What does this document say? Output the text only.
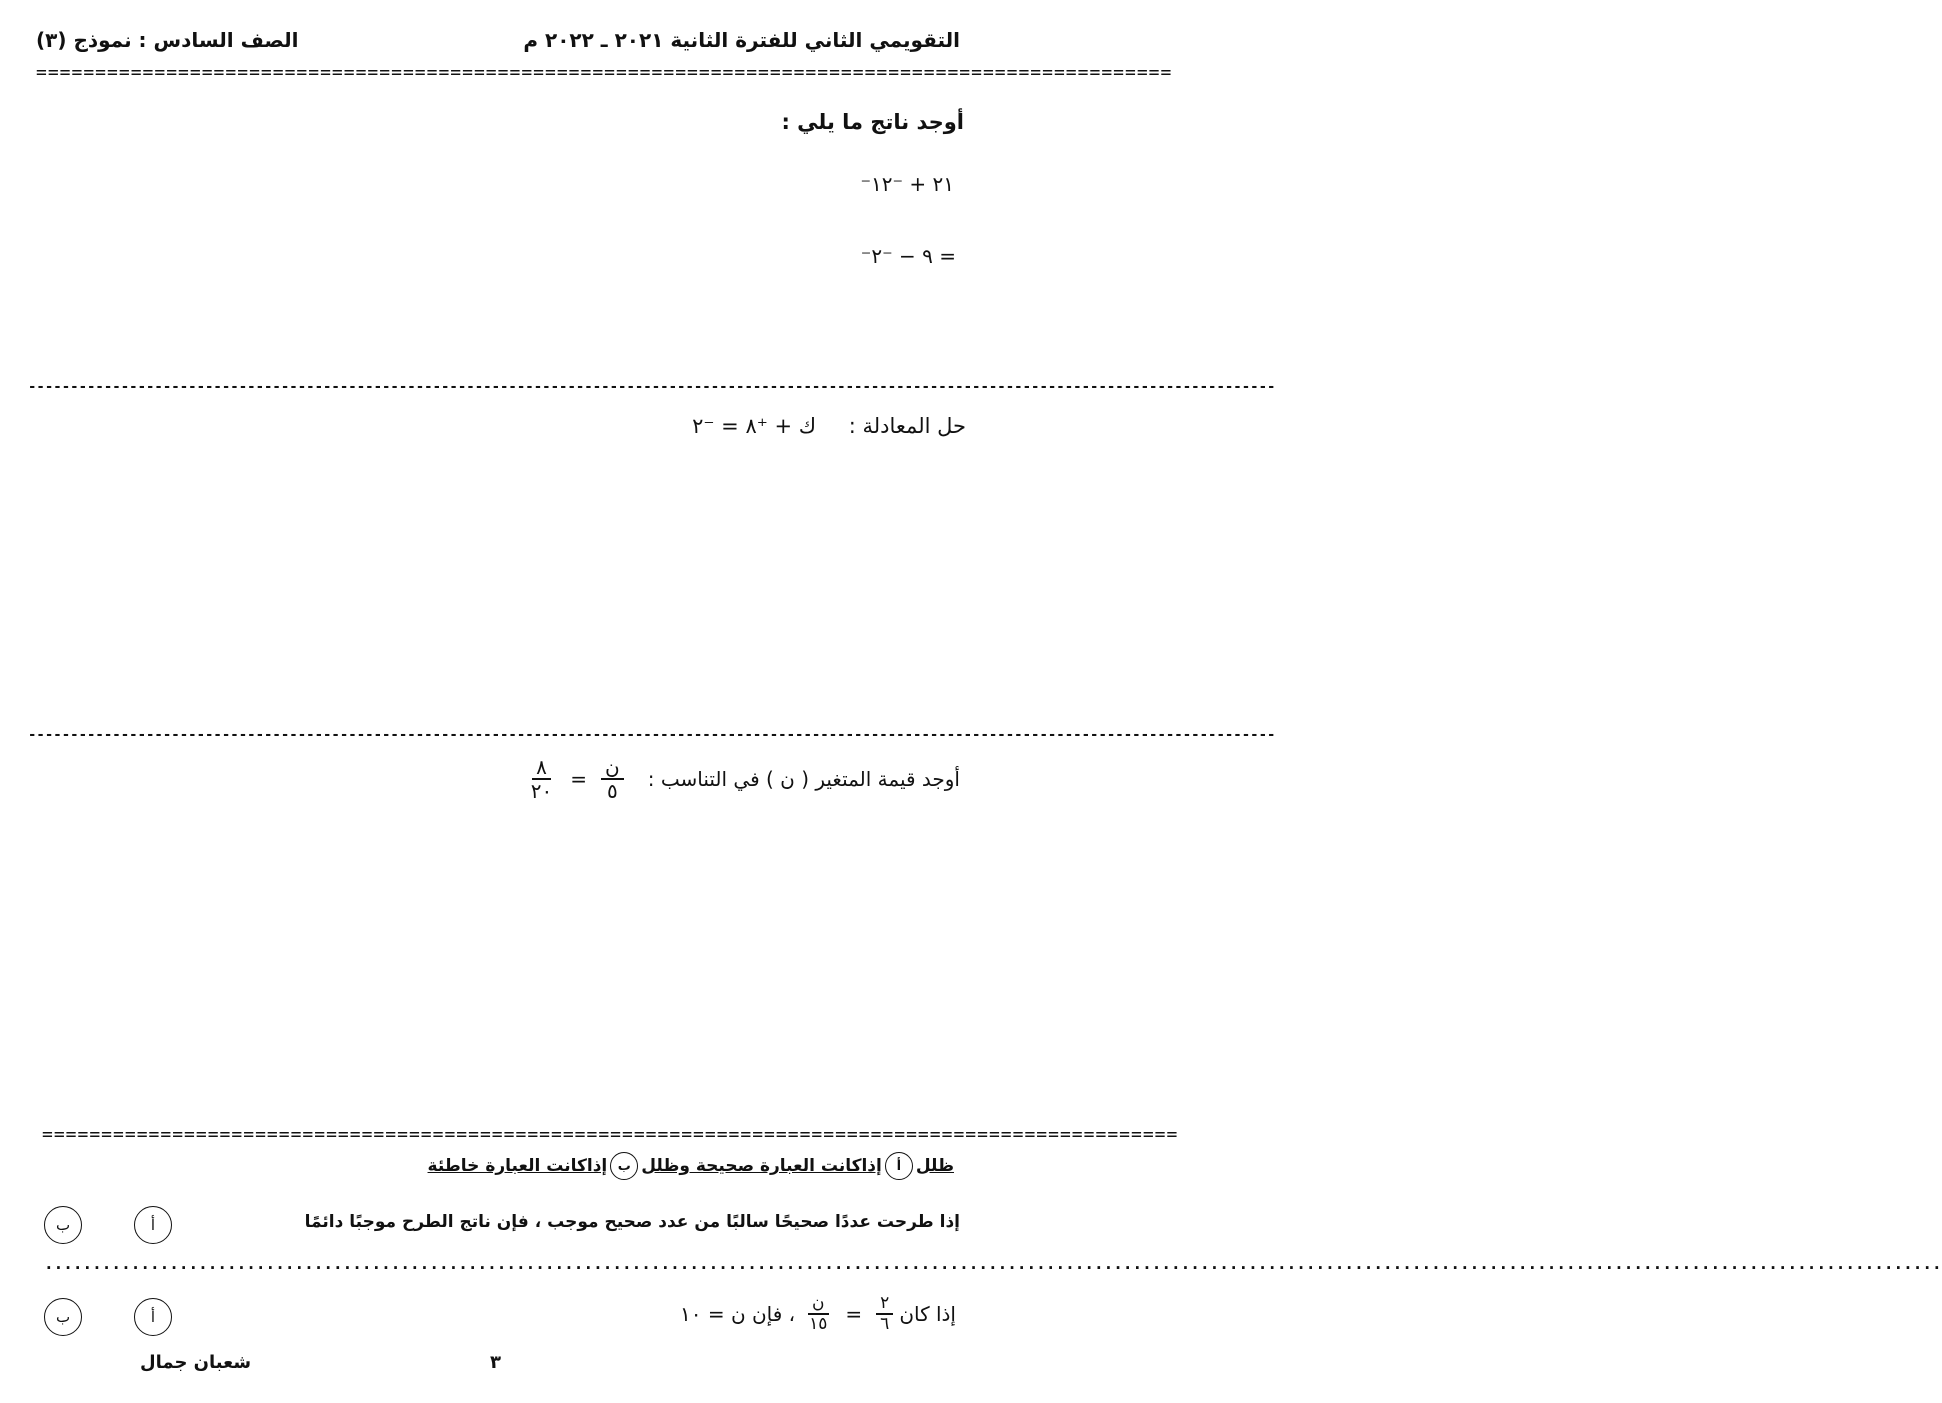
التقويمي الثاني للفترة الثانية ٢٠٢١ ـ ٢٠٢٢ م
الصف السادس : نموذج (٣)
================================================================================================
أوجد ناتج ما يلي :
⁻٢١ + ⁻١٢
⁻٩ − ⁻٢ =
----------------------------------------------------------------------------------------------------------------------------------------------------
حل المعادلة : ك + ⁺٨ = ⁻٢
----------------------------------------------------------------------------------------------------------------------------------------------------
أوجد قيمة المتغير ( ن ) في التناسب :
$\frac{\text{ن}}{٥}$
=
$\frac{٨}{٢٠}$
================================================================================================
ظلل
أ
إذاكانت العبارة صحيحة وظلل
ب
إذاكانت العبارة خاطئة
إذا طرحت عددًا صحيحًا سالبًا من عدد صحيح موجب ، فإن ناتج الطرح موجبًا دائمًا
أ
ب
.....................................................................................................................................................................................................
إذا كان
$\frac{٢}{٦}$
=
$\frac{\text{ن}}{١٥}$
، فإن ن = ١٠
أ
ب
٣
شعبان جمال
